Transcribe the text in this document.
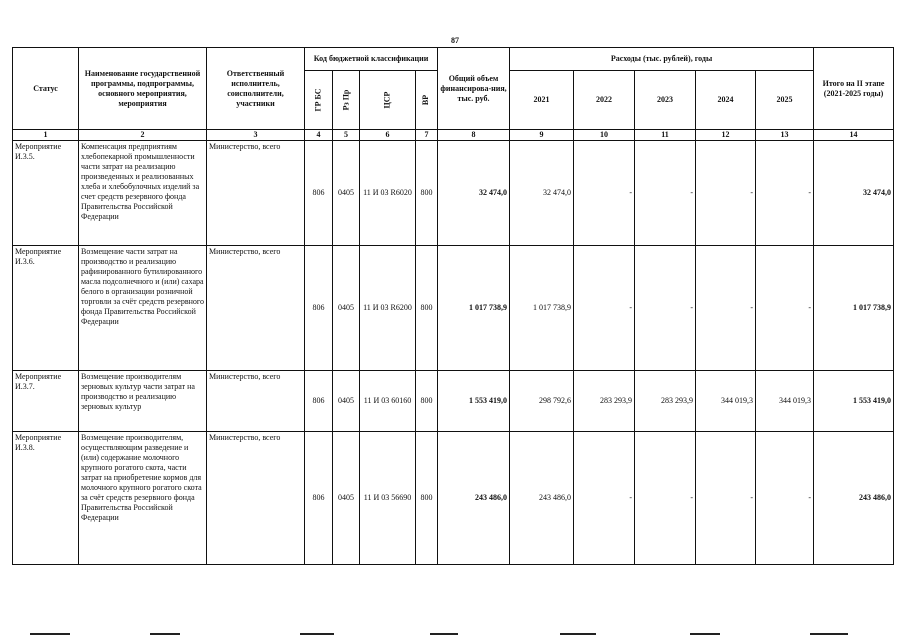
87
Статус	Наименование государственной программы, подпрограммы, основного мероприятия, мероприятия	Ответственный исполнитель, соисполнители, участники	Код бюджетной классификации				Общий объем финансирова-ния, тыс. руб.	Расходы (тыс. рублей), годы					Итого на II этапе (2021-2025 годы)
			ГР БС	Рз Пр	ЦСР	ВР		2021	2022	2023	2024	2025	
1	2	3	4	5	6	7	8	9	10	11	12	13	14
Мероприятие И.3.5.	Компенсация предприятиям хлебопекарной промышленности части затрат на реализацию произведенных и реализованных хлеба и хлебобулочных изделий за счет средств резервного фонда Правительства Российской Федерации	Министерство, всего	806	0405	11 И 03 R6020	800	32 474,0	32 474,0	-	-	-	-	32 474,0
Мероприятие И.3.6.	Возмещение части затрат на производство и реализацию рафинированного бутилированного масла подсолнечного и (или) сахара белого в организации розничной торговли за счёт средств резервного фонда Правительства Российской Федерации	Министерство, всего	806	0405	11 И 03 R6200	800	1 017 738,9	1 017 738,9	-	-	-	-	1 017 738,9
Мероприятие И.3.7.	Возмещение производителям зерновых культур части затрат на производство и реализацию зерновых культур	Министерство, всего	806	0405	11 И 03 60160	800	1 553 419,0	298 792,6	283 293,9	283 293,9	344 019,3	344 019,3	1 553 419,0
Мероприятие И.3.8.	Возмещение производителям, осуществляющим разведение и (или) содержание молочного крупного рогатого скота, части затрат на приобретение кормов для молочного крупного рогатого скота за счёт средств резервного фонда Правительства Российской Федерации	Министерство, всего	806	0405	11 И 03 56690	800	243 486,0	243 486,0	-	-	-	-	243 486,0
